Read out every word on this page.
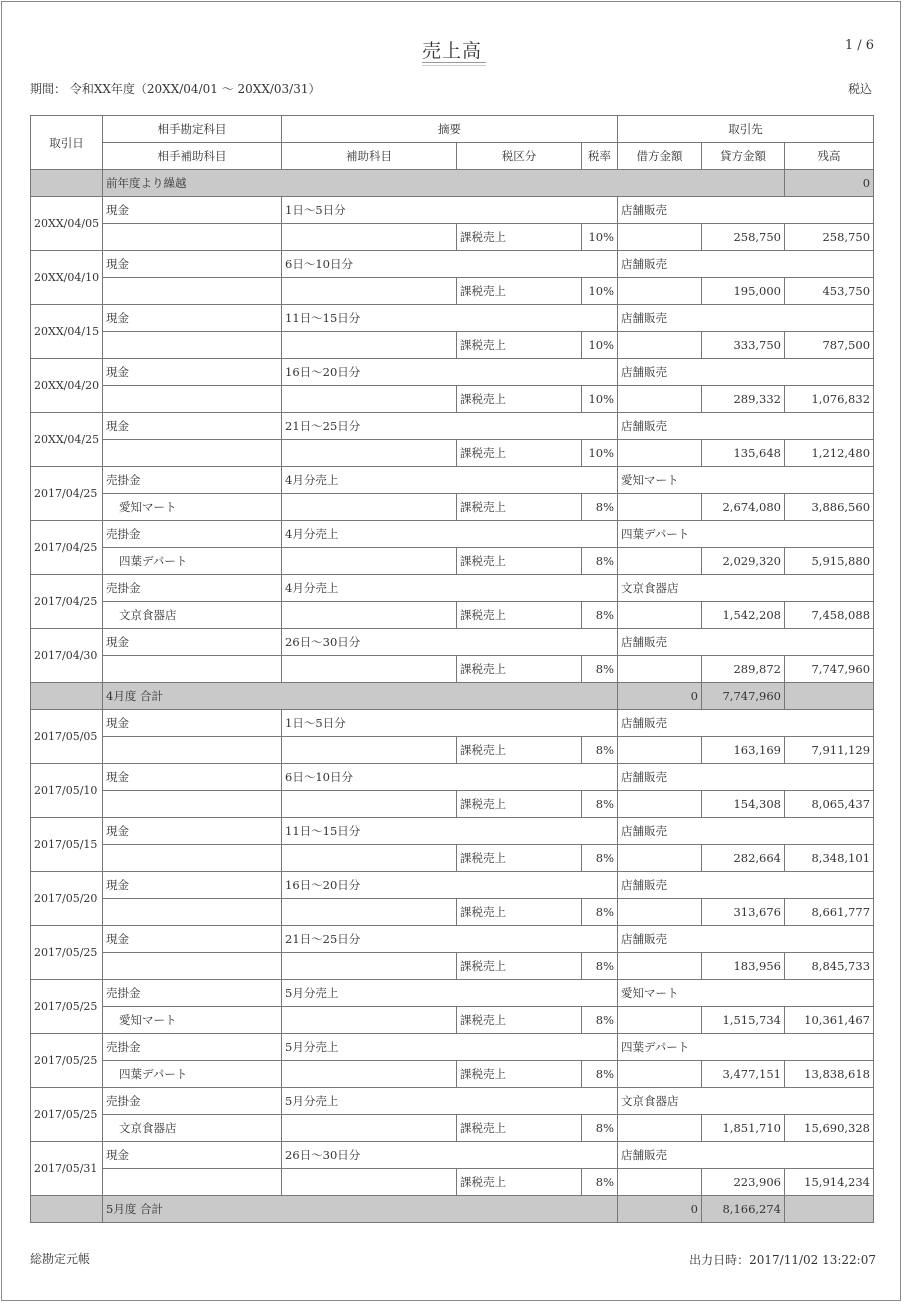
売上高	1 / 6
期間： 令和XX年度（20XX/04/01 ～ 20XX/03/31）	税込
取引日	相手勘定科目	摘要			取引先		
	相手補助科目	補助科目	税区分	税率	借方金額	貸方金額	残高
	前年度より繰越						0
20XX/04/05	現金	1日～5日分			店舗販売		
			課税売上	10%		258,750	258,750
20XX/04/10	現金	6日～10日分			店舗販売		
			課税売上	10%		195,000	453,750
20XX/04/15	現金	11日～15日分			店舗販売		
			課税売上	10%		333,750	787,500
20XX/04/20	現金	16日～20日分			店舗販売		
			課税売上	10%		289,332	1,076,832
20XX/04/25	現金	21日～25日分			店舗販売		
			課税売上	10%		135,648	1,212,480
2017/04/25	売掛金	4月分売上			愛知マート		
	愛知マート		課税売上	8%		2,674,080	3,886,560
2017/04/25	売掛金	4月分売上			四葉デパート		
	四葉デパート		課税売上	8%		2,029,320	5,915,880
2017/04/25	売掛金	4月分売上			文京食器店		
	文京食器店		課税売上	8%		1,542,208	7,458,088
2017/04/30	現金	26日～30日分			店舗販売		
			課税売上	8%		289,872	7,747,960
	4月度 合計				0	7,747,960	
2017/05/05	現金	1日～5日分			店舗販売		
			課税売上	8%		163,169	7,911,129
2017/05/10	現金	6日～10日分			店舗販売		
			課税売上	8%		154,308	8,065,437
2017/05/15	現金	11日～15日分			店舗販売		
			課税売上	8%		282,664	8,348,101
2017/05/20	現金	16日～20日分			店舗販売		
			課税売上	8%		313,676	8,661,777
2017/05/25	現金	21日～25日分			店舗販売		
			課税売上	8%		183,956	8,845,733
2017/05/25	売掛金	5月分売上			愛知マート		
	愛知マート		課税売上	8%		1,515,734	10,361,467
2017/05/25	売掛金	5月分売上			四葉デパート		
	四葉デパート		課税売上	8%		3,477,151	13,838,618
2017/05/25	売掛金	5月分売上			文京食器店		
	文京食器店		課税売上	8%		1,851,710	15,690,328
2017/05/31	現金	26日～30日分			店舗販売		
			課税売上	8%		223,906	15,914,234
	5月度 合計				0	8,166,274	
総勘定元帳	出力日時：2017/11/02 13:22:07
